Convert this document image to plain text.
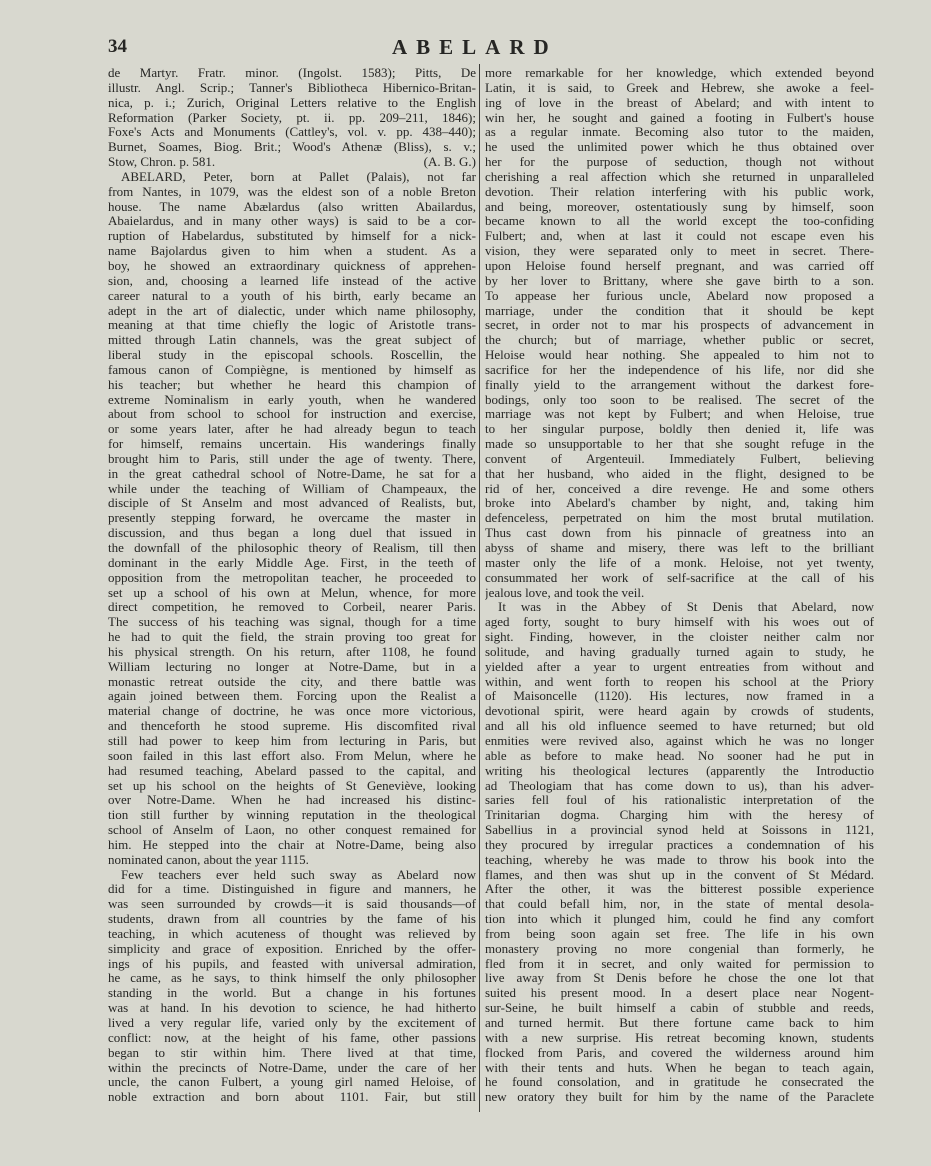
34	ABELARD
de Martyr. Fratr. minor. (Ingolst. 1583); Pitts, De
illustr. Angl. Scrip.; Tanner's Bibliotheca Hibernico-Britan-
nica, p. i.; Zurich, Original Letters relative to the English
Reformation (Parker Society, pt. ii. pp. 209–211, 1846);
Foxe's Acts and Monuments (Cattley's, vol. v. pp. 438–440);
Burnet, Soames, Biog. Brit.; Wood's Athenæ (Bliss), s. v.;
Stow, Chron. p. 581.	(A. B. G.)
ABELARD, Peter, born at Pallet (Palais), not far
from Nantes, in 1079, was the eldest son of a noble Breton
house. The name Abælardus (also written Abailardus,
Abaielardus, and in many other ways) is said to be a cor-
ruption of Habelardus, substituted by himself for a nick-
name Bajolardus given to him when a student. As a
boy, he showed an extraordinary quickness of apprehen-
sion, and, choosing a learned life instead of the active
career natural to a youth of his birth, early became an
adept in the art of dialectic, under which name philosophy,
meaning at that time chiefly the logic of Aristotle trans-
mitted through Latin channels, was the great subject of
liberal study in the episcopal schools. Roscellin, the
famous canon of Compiègne, is mentioned by himself as
his teacher; but whether he heard this champion of
extreme Nominalism in early youth, when he wandered
about from school to school for instruction and exercise,
or some years later, after he had already begun to teach
for himself, remains uncertain. His wanderings finally
brought him to Paris, still under the age of twenty. There,
in the great cathedral school of Notre-Dame, he sat for a
while under the teaching of William of Champeaux, the
disciple of St Anselm and most advanced of Realists, but,
presently stepping forward, he overcame the master in
discussion, and thus began a long duel that issued in
the downfall of the philosophic theory of Realism, till then
dominant in the early Middle Age. First, in the teeth of
opposition from the metropolitan teacher, he proceeded to
set up a school of his own at Melun, whence, for more
direct competition, he removed to Corbeil, nearer Paris.
The success of his teaching was signal, though for a time
he had to quit the field, the strain proving too great for
his physical strength. On his return, after 1108, he found
William lecturing no longer at Notre-Dame, but in a
monastic retreat outside the city, and there battle was
again joined between them. Forcing upon the Realist a
material change of doctrine, he was once more victorious,
and thenceforth he stood supreme. His discomfited rival
still had power to keep him from lecturing in Paris, but
soon failed in this last effort also. From Melun, where he
had resumed teaching, Abelard passed to the capital, and
set up his school on the heights of St Geneviève, looking
over Notre-Dame. When he had increased his distinc-
tion still further by winning reputation in the theological
school of Anselm of Laon, no other conquest remained for
him. He stepped into the chair at Notre-Dame, being also
nominated canon, about the year 1115.
Few teachers ever held such sway as Abelard now
did for a time. Distinguished in figure and manners, he
was seen surrounded by crowds—it is said thousands—of
students, drawn from all countries by the fame of his
teaching, in which acuteness of thought was relieved by
simplicity and grace of exposition. Enriched by the offer-
ings of his pupils, and feasted with universal admiration,
he came, as he says, to think himself the only philosopher
standing in the world. But a change in his fortunes
was at hand. In his devotion to science, he had hitherto
lived a very regular life, varied only by the excitement of
conflict: now, at the height of his fame, other passions
began to stir within him. There lived at that time,
within the precincts of Notre-Dame, under the care of her
uncle, the canon Fulbert, a young girl named Heloise, of
noble extraction and born about 1101. Fair, but still
more remarkable for her knowledge, which extended beyond
Latin, it is said, to Greek and Hebrew, she awoke a feel-
ing of love in the breast of Abelard; and with intent to
win her, he sought and gained a footing in Fulbert's house
as a regular inmate. Becoming also tutor to the maiden,
he used the unlimited power which he thus obtained over
her for the purpose of seduction, though not without
cherishing a real affection which she returned in unparalleled
devotion. Their relation interfering with his public work,
and being, moreover, ostentatiously sung by himself, soon
became known to all the world except the too-confiding
Fulbert; and, when at last it could not escape even his
vision, they were separated only to meet in secret. There-
upon Heloise found herself pregnant, and was carried off
by her lover to Brittany, where she gave birth to a son.
To appease her furious uncle, Abelard now proposed a
marriage, under the condition that it should be kept
secret, in order not to mar his prospects of advancement in
the church; but of marriage, whether public or secret,
Heloise would hear nothing. She appealed to him not to
sacrifice for her the independence of his life, nor did she
finally yield to the arrangement without the darkest fore-
bodings, only too soon to be realised. The secret of the
marriage was not kept by Fulbert; and when Heloise, true
to her singular purpose, boldly then denied it, life was
made so unsupportable to her that she sought refuge in the
convent of Argenteuil. Immediately Fulbert, believing
that her husband, who aided in the flight, designed to be
rid of her, conceived a dire revenge. He and some others
broke into Abelard's chamber by night, and, taking him
defenceless, perpetrated on him the most brutal mutilation.
Thus cast down from his pinnacle of greatness into an
abyss of shame and misery, there was left to the brilliant
master only the life of a monk. Heloise, not yet twenty,
consummated her work of self-sacrifice at the call of his
jealous love, and took the veil.
It was in the Abbey of St Denis that Abelard, now
aged forty, sought to bury himself with his woes out of
sight. Finding, however, in the cloister neither calm nor
solitude, and having gradually turned again to study, he
yielded after a year to urgent entreaties from without and
within, and went forth to reopen his school at the Priory
of Maisoncelle (1120). His lectures, now framed in a
devotional spirit, were heard again by crowds of students,
and all his old influence seemed to have returned; but old
enmities were revived also, against which he was no longer
able as before to make head. No sooner had he put in
writing his theological lectures (apparently the Introductio
ad Theologiam that has come down to us), than his adver-
saries fell foul of his rationalistic interpretation of the
Trinitarian dogma. Charging him with the heresy of
Sabellius in a provincial synod held at Soissons in 1121,
they procured by irregular practices a condemnation of his
teaching, whereby he was made to throw his book into the
flames, and then was shut up in the convent of St Médard.
After the other, it was the bitterest possible experience
that could befall him, nor, in the state of mental desola-
tion into which it plunged him, could he find any comfort
from being soon again set free. The life in his own
monastery proving no more congenial than formerly, he
fled from it in secret, and only waited for permission to
live away from St Denis before he chose the one lot that
suited his present mood. In a desert place near Nogent-
sur-Seine, he built himself a cabin of stubble and reeds,
and turned hermit. But there fortune came back to him
with a new surprise. His retreat becoming known, students
flocked from Paris, and covered the wilderness around him
with their tents and huts. When he began to teach again,
he found consolation, and in gratitude he consecrated the
new oratory they built for him by the name of the Paraclete
